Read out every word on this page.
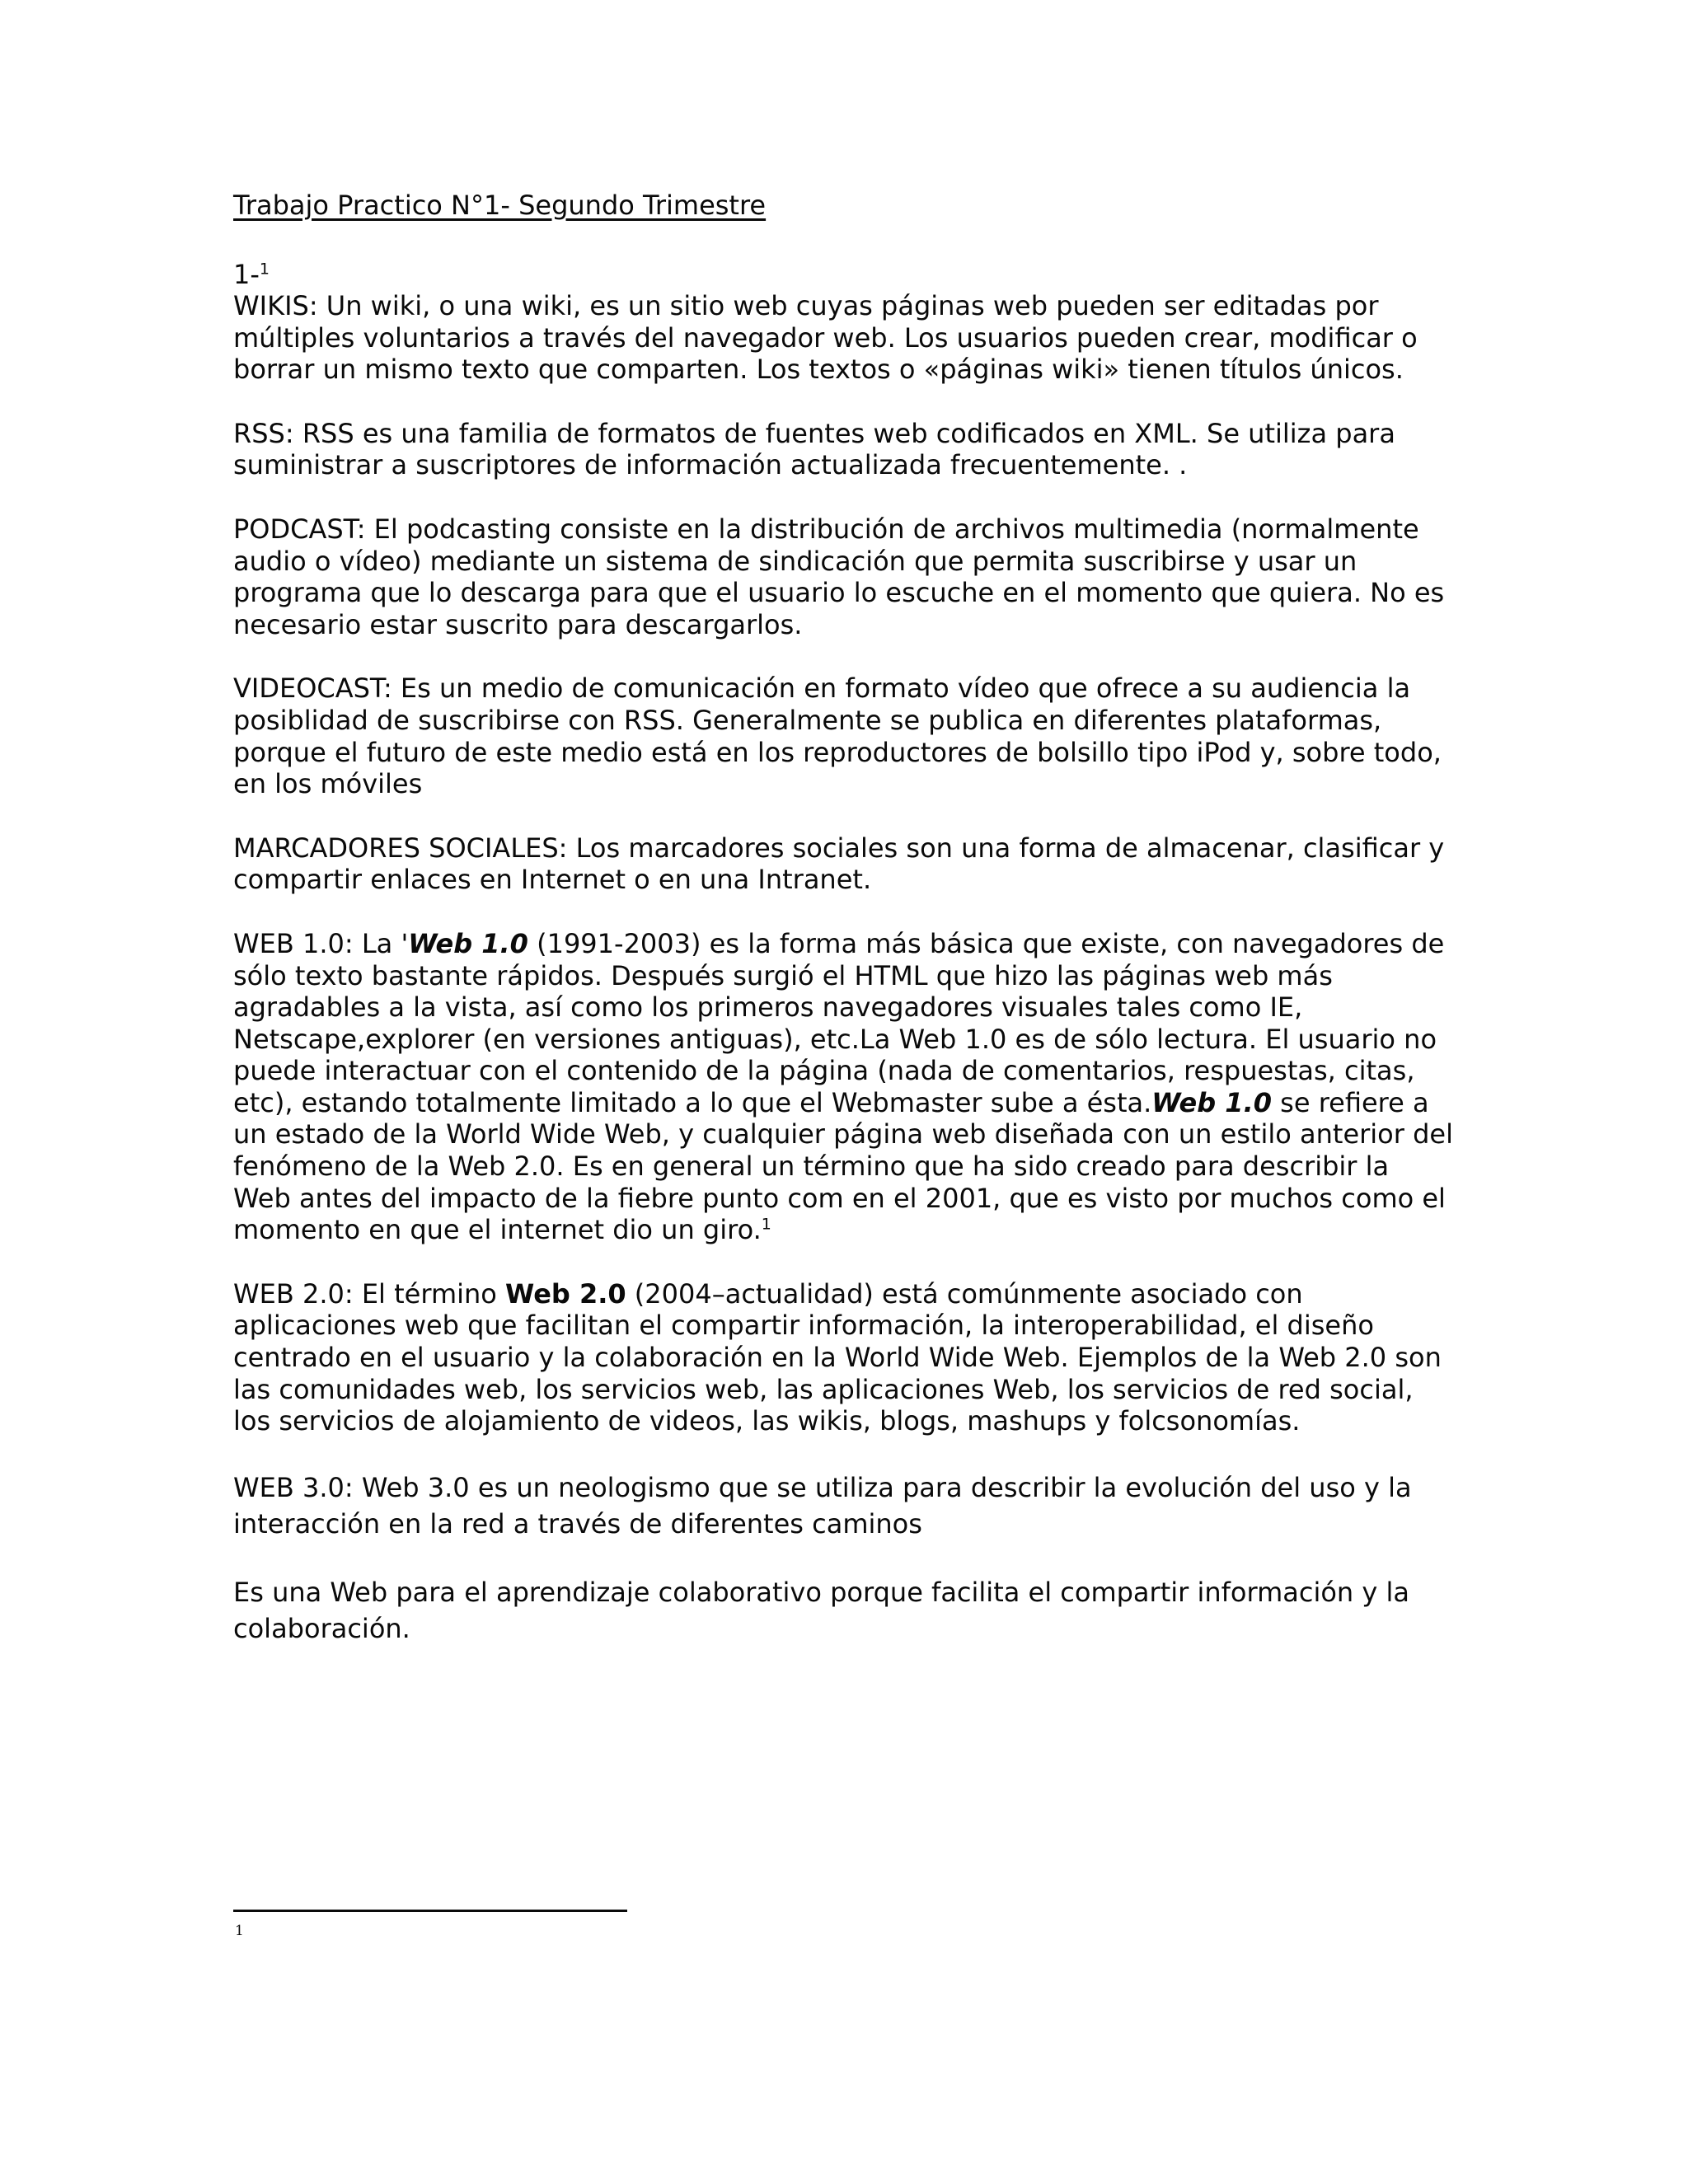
Trabajo Practico N°1- Segundo Trimestre

1-$^1$

WIKIS: Un wiki, o una wiki, es un sitio web cuyas páginas web pueden ser editadas por múltiples voluntarios a través del navegador web. Los usuarios pueden crear, modificar o borrar un mismo texto que comparten. Los textos o «páginas wiki» tienen títulos únicos.

RSS: RSS es una familia de formatos de fuentes web codificados en XML. Se utiliza para suministrar a suscriptores de información actualizada frecuentemente. .

PODCAST: El podcasting consiste en la distribución de archivos multimedia (normalmente audio o vídeo) mediante un sistema de sindicación que permita suscribirse y usar un programa que lo descarga para que el usuario lo escuche en el momento que quiera. No es necesario estar suscrito para descargarlos.

VIDEOCAST: Es un medio de comunicación en formato vídeo que ofrece a su audiencia la posiblidad de suscribirse con RSS. Generalmente se publica en diferentes plataformas, porque el futuro de este medio está en los reproductores de bolsillo tipo iPod y, sobre todo, en los móviles

MARCADORES SOCIALES: Los marcadores sociales son una forma de almacenar, clasificar y compartir enlaces en Internet o en una Intranet.

WEB 1.0: La 'Web 1.0 (1991-2003) es la forma más básica que existe, con navegadores de sólo texto bastante rápidos. Después surgió el HTML que hizo las páginas web más agradables a la vista, así como los primeros navegadores visuales tales como IE, Netscape,explorer (en versiones antiguas), etc.La Web 1.0 es de sólo lectura. El usuario no puede interactuar con el contenido de la página (nada de comentarios, respuestas, citas, etc), estando totalmente limitado a lo que el Webmaster sube a ésta.Web 1.0 se refiere a un estado de la World Wide Web, y cualquier página web diseñada con un estilo anterior del fenómeno de la Web 2.0. Es en general un término que ha sido creado para describir la Web antes del impacto de la fiebre punto com en el 2001, que es visto por muchos como el momento en que el internet dio un giro.$^1$

WEB 2.0: El término Web 2.0 (2004–actualidad) está comúnmente asociado con aplicaciones web que facilitan el compartir información, la interoperabilidad, el diseño centrado en el usuario y la colaboración en la World Wide Web. Ejemplos de la Web 2.0 son las comunidades web, los servicios web, las aplicaciones Web, los servicios de red social, los servicios de alojamiento de videos, las wikis, blogs, mashups y folcsonomías.

WEB 3.0: Web 3.0 es un neologismo que se utiliza para describir la evolución del uso y la interacción en la red a través de diferentes caminos

Es una Web para el aprendizaje colaborativo porque facilita el compartir información y la colaboración.

1
